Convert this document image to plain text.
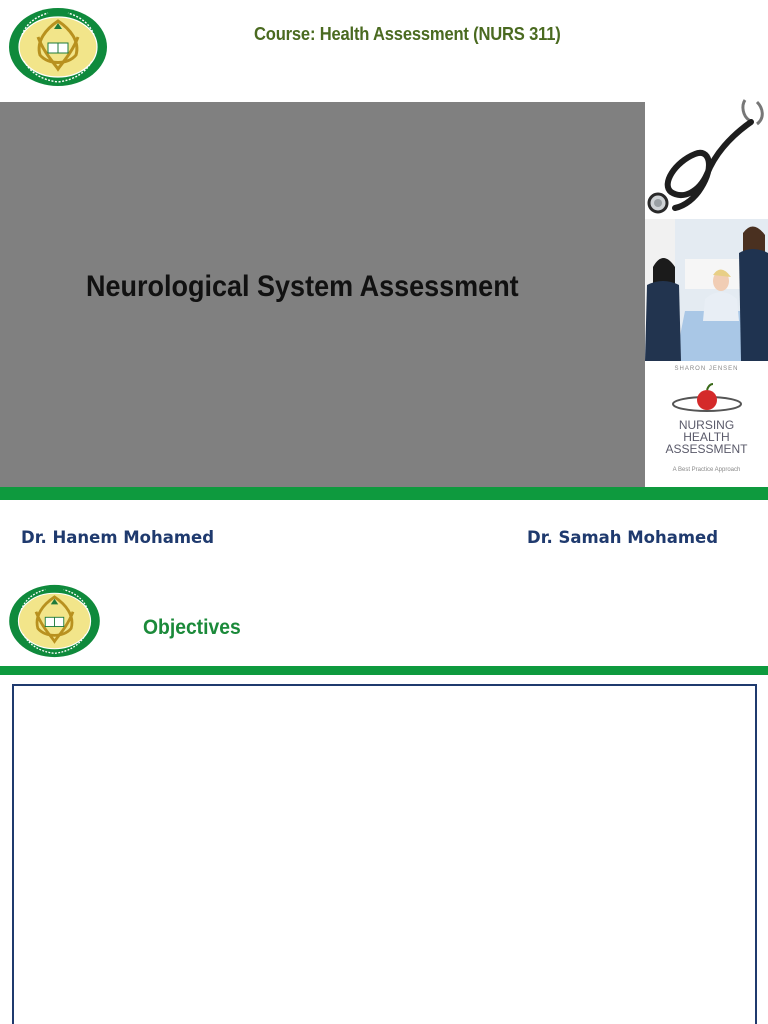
Course: Health Assessment (NURS 311)
Neurological System Assessment
SHARON JENSEN
NURSING
HEALTH
ASSESSMENT
A Best Practice Approach
Dr. Hanem Mohamed	Dr. Samah Mohamed
Objectives
